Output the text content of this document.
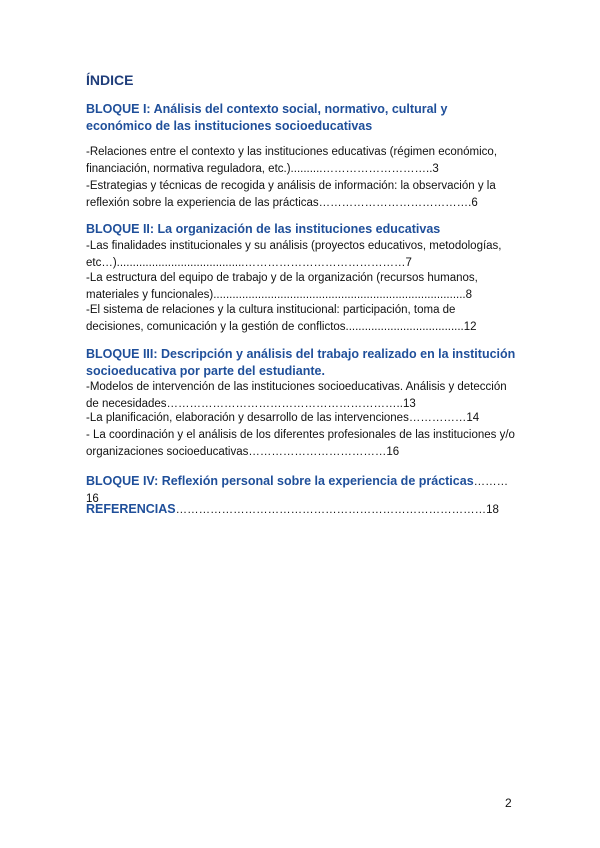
ÍNDICE
BLOQUE I: Análisis del contexto social, normativo, cultural y económico de las instituciones socioeducativas
-Relaciones entre el contexto y las instituciones educativas (régimen económico, financiación, normativa reguladora, etc.)..........………………………..3
-Estrategias y técnicas de recogida y análisis de información: la observación y la reflexión sobre la experiencia de las prácticas………………………………….6
BLOQUE II: La organización de las instituciones educativas
-Las finalidades institucionales y su análisis (proyectos educativos, metodologías, etc…)........................................……………………………………7
-La estructura del equipo de trabajo y de la organización (recursos humanos, materiales y funcionales)...............................................................................8
-El sistema de relaciones y la cultura institucional: participación, toma de decisiones, comunicación y la gestión de conflictos.....................................12
BLOQUE III: Descripción y análisis del trabajo realizado en la institución socioeducativa por parte del estudiante.
-Modelos de intervención de las instituciones socioeducativas. Análisis y detección de necesidades……………………………………………………..13
-La planificación, elaboración y desarrollo de las intervenciones……………14
- La coordinación y el análisis de los diferentes profesionales de las instituciones y/o organizaciones socioeducativas………………………………16
BLOQUE IV: Reflexión personal sobre la experiencia de prácticas………16
REFERENCIAS………………………………………………………………………18
2
